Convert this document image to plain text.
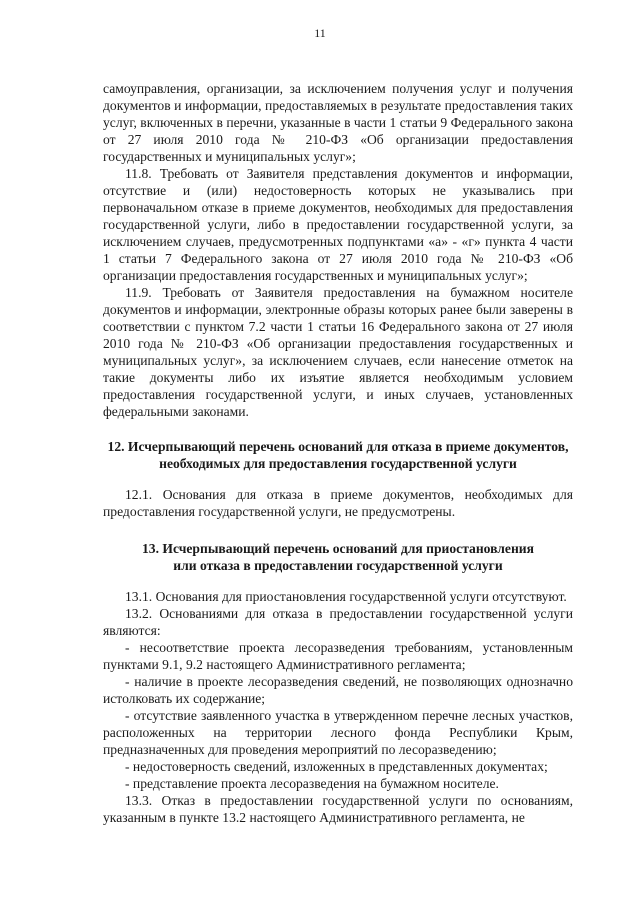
11

самоуправления, организации, за исключением получения услуг и получения документов и информации, предоставляемых в результате предоставления таких услуг, включенных в перечни, указанные в части 1 статьи 9 Федерального закона от 27 июля 2010 года № 210-ФЗ «Об организации предоставления государственных и муниципальных услуг»;

11.8. Требовать от Заявителя представления документов и информации, отсутствие и (или) недостоверность которых не указывались при первоначальном отказе в приеме документов, необходимых для предоставления государственной услуги, либо в предоставлении государственной услуги, за исключением случаев, предусмотренных подпунктами «а» - «г» пункта 4 части 1 статьи 7 Федерального закона от 27 июля 2010 года № 210-ФЗ «Об организации предоставления государственных и муниципальных услуг»;

11.9. Требовать от Заявителя предоставления на бумажном носителе документов и информации, электронные образы которых ранее были заверены в соответствии с пунктом 7.2 части 1 статьи 16 Федерального закона от 27 июля 2010 года № 210-ФЗ «Об организации предоставления государственных и муниципальных услуг», за исключением случаев, если нанесение отметок на такие документы либо их изъятие является необходимым условием предоставления государственной услуги, и иных случаев, установленных федеральными законами.

12. Исчерпывающий перечень оснований для отказа в приеме документов, необходимых для предоставления государственной услуги

12.1. Основания для отказа в приеме документов, необходимых для предоставления государственной услуги, не предусмотрены.

13. Исчерпывающий перечень оснований для приостановления
или отказа в предоставлении государственной услуги

13.1. Основания для приостановления государственной услуги отсутствуют.

13.2. Основаниями для отказа в предоставлении государственной услуги являются:

- несоответствие проекта лесоразведения требованиям, установленным пунктами 9.1, 9.2 настоящего Административного регламента;

- наличие в проекте лесоразведения сведений, не позволяющих однозначно истолковать их содержание;

- отсутствие заявленного участка в утвержденном перечне лесных участков, расположенных на территории лесного фонда Республики Крым, предназначенных для проведения мероприятий по лесоразведению;

- недостоверность сведений, изложенных в представленных документах;

- представление проекта лесоразведения на бумажном носителе.

13.3. Отказ в предоставлении государственной услуги по основаниям, указанным в пункте 13.2 настоящего Административного регламента, не
